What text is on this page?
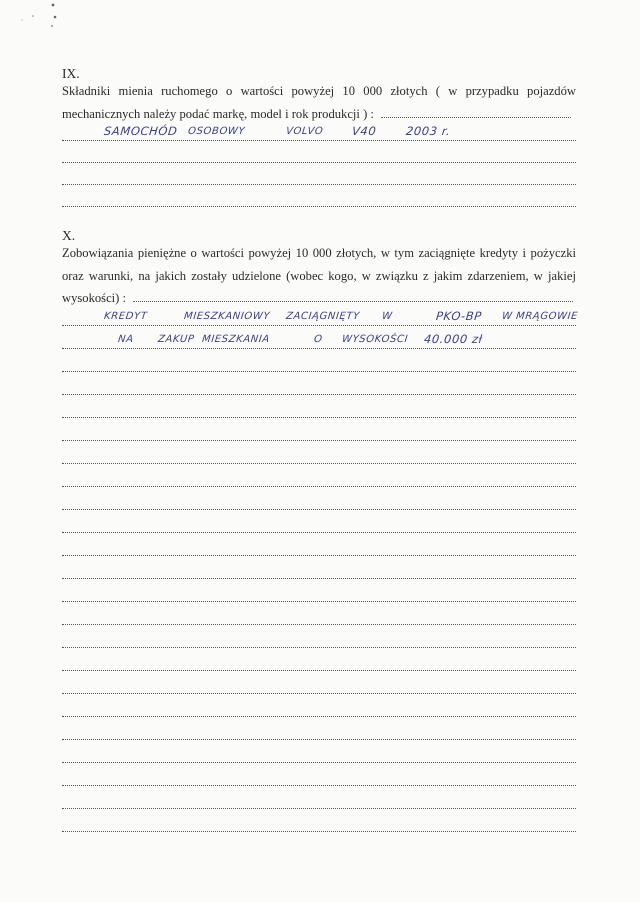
IX.
Składniki mienia ruchomego o wartości powyżej 10 000 złotych ( w przypadku pojazdów
mechanicznych należy podać markę, model i rok produkcji ) :
SAMOCHÓD OSOBOWY	VOLVO V40 2003 r.
X.
Zobowiązania pieniężne o wartości powyżej 10 000 złotych, w tym zaciągnięte kredyty i pożyczki
oraz warunki, na jakich zostały udzielone (wobec kogo, w związku z jakim zdarzeniem, w jakiej
wysokości) :
KREDYT	MIESZKANIOWY ZACIĄGNIĘTY W	PKO-BP W MRĄGOWIE
NA ZAKUP MIESZKANIA	O WYSOKOŚCI 40.000 zł
